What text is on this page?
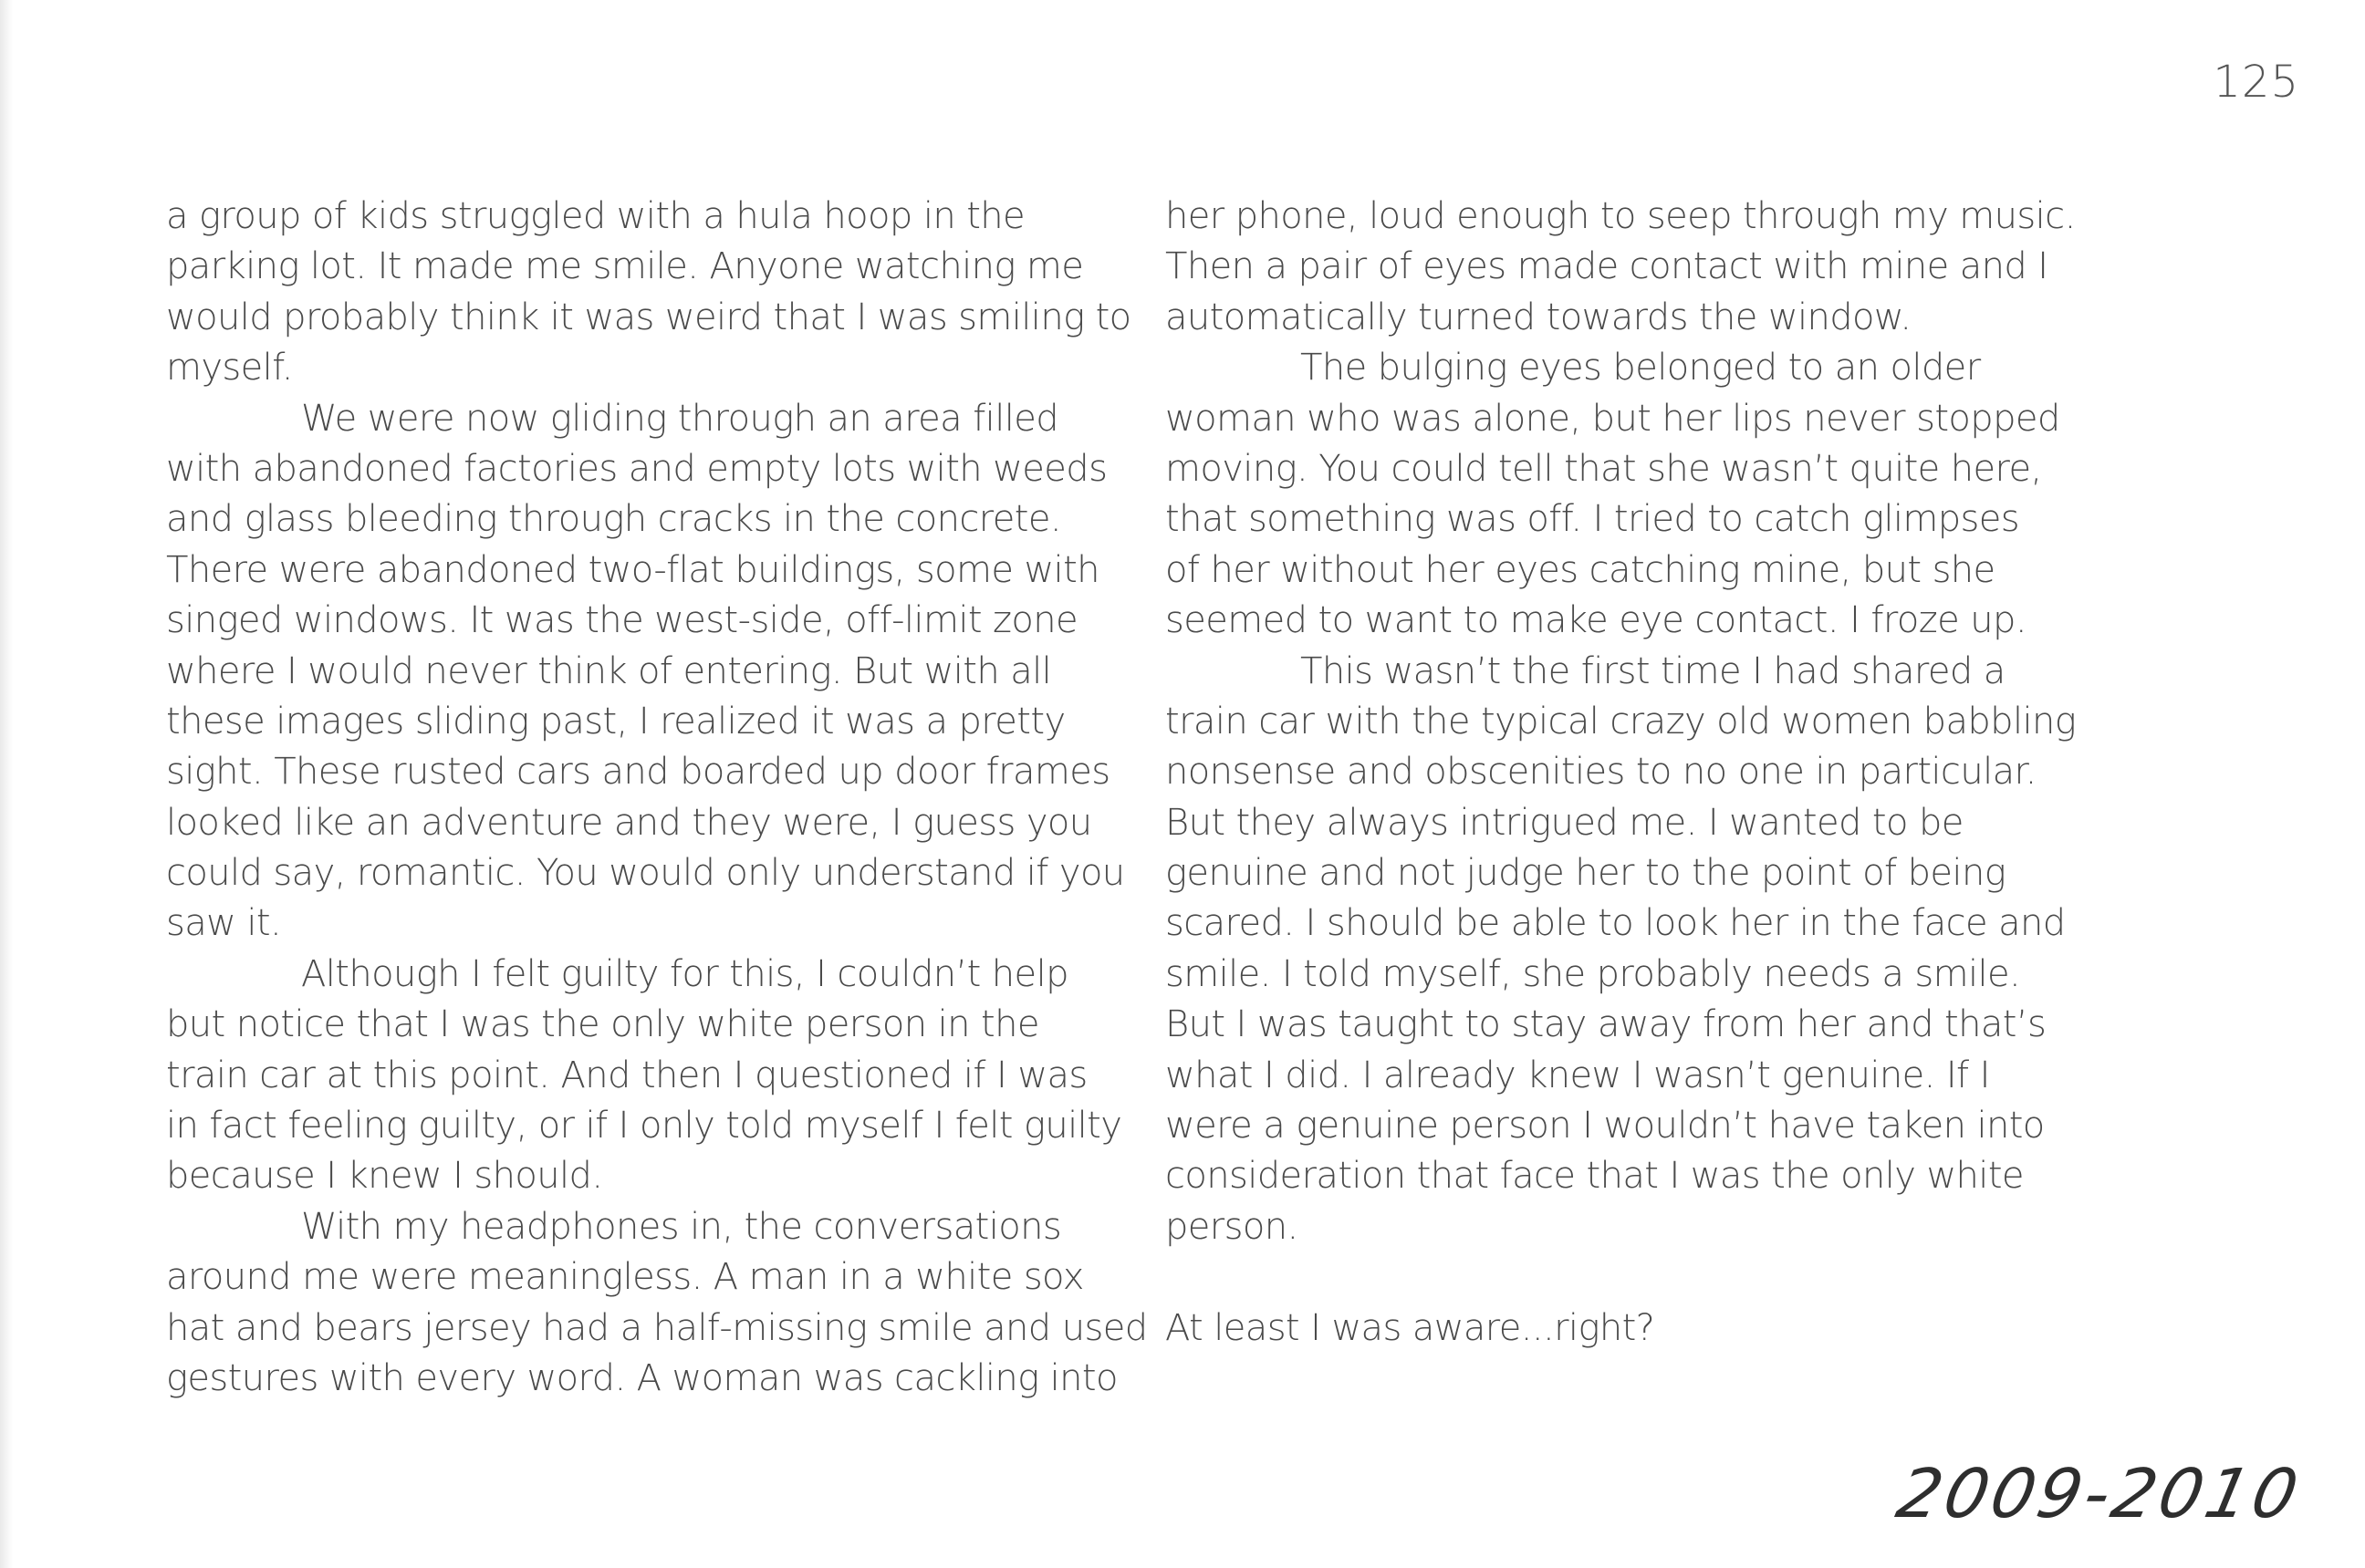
125
a group of kids struggled with a hula hoop in the
parking lot. It made me smile. Anyone watching me
would probably think it was weird that I was smiling to
myself.
We were now gliding through an area filled
with abandoned factories and empty lots with weeds
and glass bleeding through cracks in the concrete.
There were abandoned two-flat buildings, some with
singed windows. It was the west-side, off-limit zone
where I would never think of entering. But with all
these images sliding past, I realized it was a pretty
sight. These rusted cars and boarded up door frames
looked like an adventure and they were, I guess you
could say, romantic. You would only understand if you
saw it.
Although I felt guilty for this, I couldn’t help
but notice that I was the only white person in the
train car at this point. And then I questioned if I was
in fact feeling guilty, or if I only told myself I felt guilty
because I knew I should.
With my headphones in, the conversations
around me were meaningless. A man in a white sox
hat and bears jersey had a half-missing smile and used
gestures with every word. A woman was cackling into
her phone, loud enough to seep through my music.
Then a pair of eyes made contact with mine and I
automatically turned towards the window.
The bulging eyes belonged to an older
woman who was alone, but her lips never stopped
moving. You could tell that she wasn’t quite here,
that something was off. I tried to catch glimpses
of her without her eyes catching mine, but she
seemed to want to make eye contact. I froze up.
This wasn’t the first time I had shared a
train car with the typical crazy old women babbling
nonsense and obscenities to no one in particular.
But they always intrigued me. I wanted to be
genuine and not judge her to the point of being
scared. I should be able to look her in the face and
smile. I told myself, she probably needs a smile.
But I was taught to stay away from her and that’s
what I did. I already knew I wasn’t genuine. If I
were a genuine person I wouldn’t have taken into
consideration that face that I was the only white
person.
At least I was aware...right?
2009-2010
